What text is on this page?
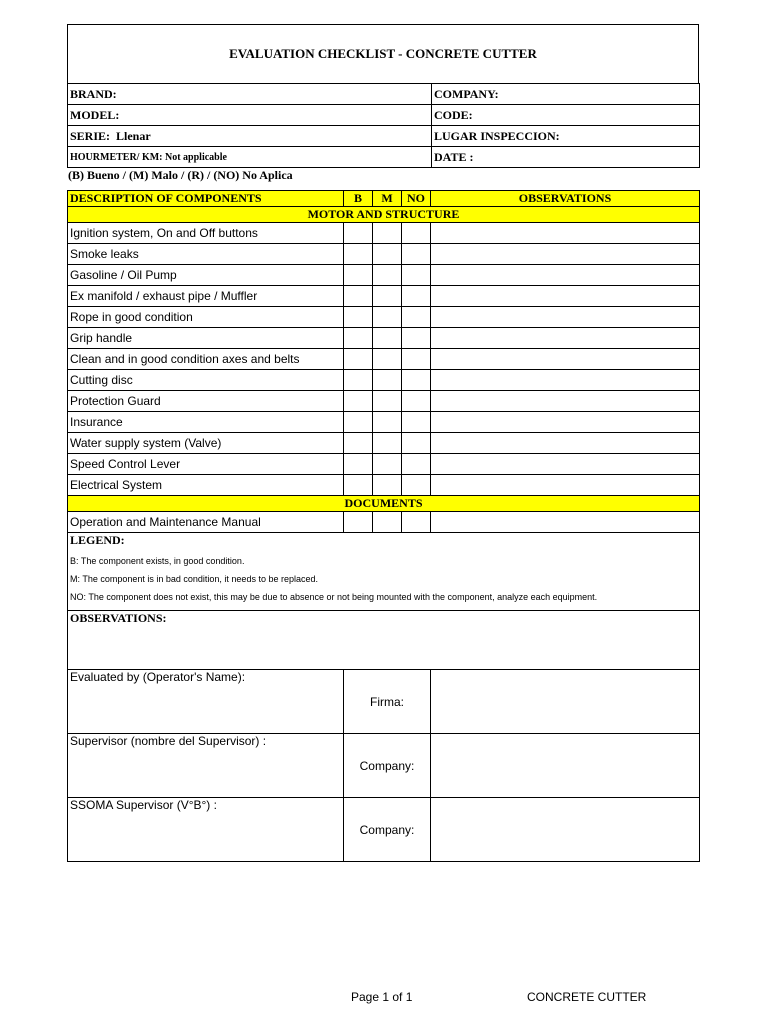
EVALUATION CHECKLIST - CONCRETE CUTTER
BRAND:	COMPANY:
MODEL:	CODE:
SERIE: Llenar	LUGAR INSPECCION:
HOURMETER/ KM: Not applicable	DATE :
(B) Bueno / (M) Malo / (R) / (NO) No Aplica
DESCRIPTION OF COMPONENTS	B	M	NO	OBSERVATIONS
MOTOR AND STRUCTURE				
Ignition system, On and Off buttons				
Smoke leaks				
Gasoline / Oil Pump				
Ex manifold / exhaust pipe / Muffler				
Rope in good condition				
Grip handle				
Clean and in good condition axes and belts				
Cutting disc				
Protection Guard				
Insurance				
Water supply system (Valve)				
Speed Control Lever				
Electrical System				
DOCUMENTS				
Operation and Maintenance Manual				

LEGEND:
B: The component exists, in good condition.
M: The component is in bad condition, it needs to be replaced.
NO: The component does not exist, this may be due to absence or not being mounted with the component, analyze each equipment.				

OBSERVATIONS:				
Evaluated by (Operator's Name):	Firma:			
Supervisor (nombre del Supervisor) :	Company:			
SSOMA Supervisor (V°B°) :	Company:			
Page 1 of 1	CONCRETE CUTTER
